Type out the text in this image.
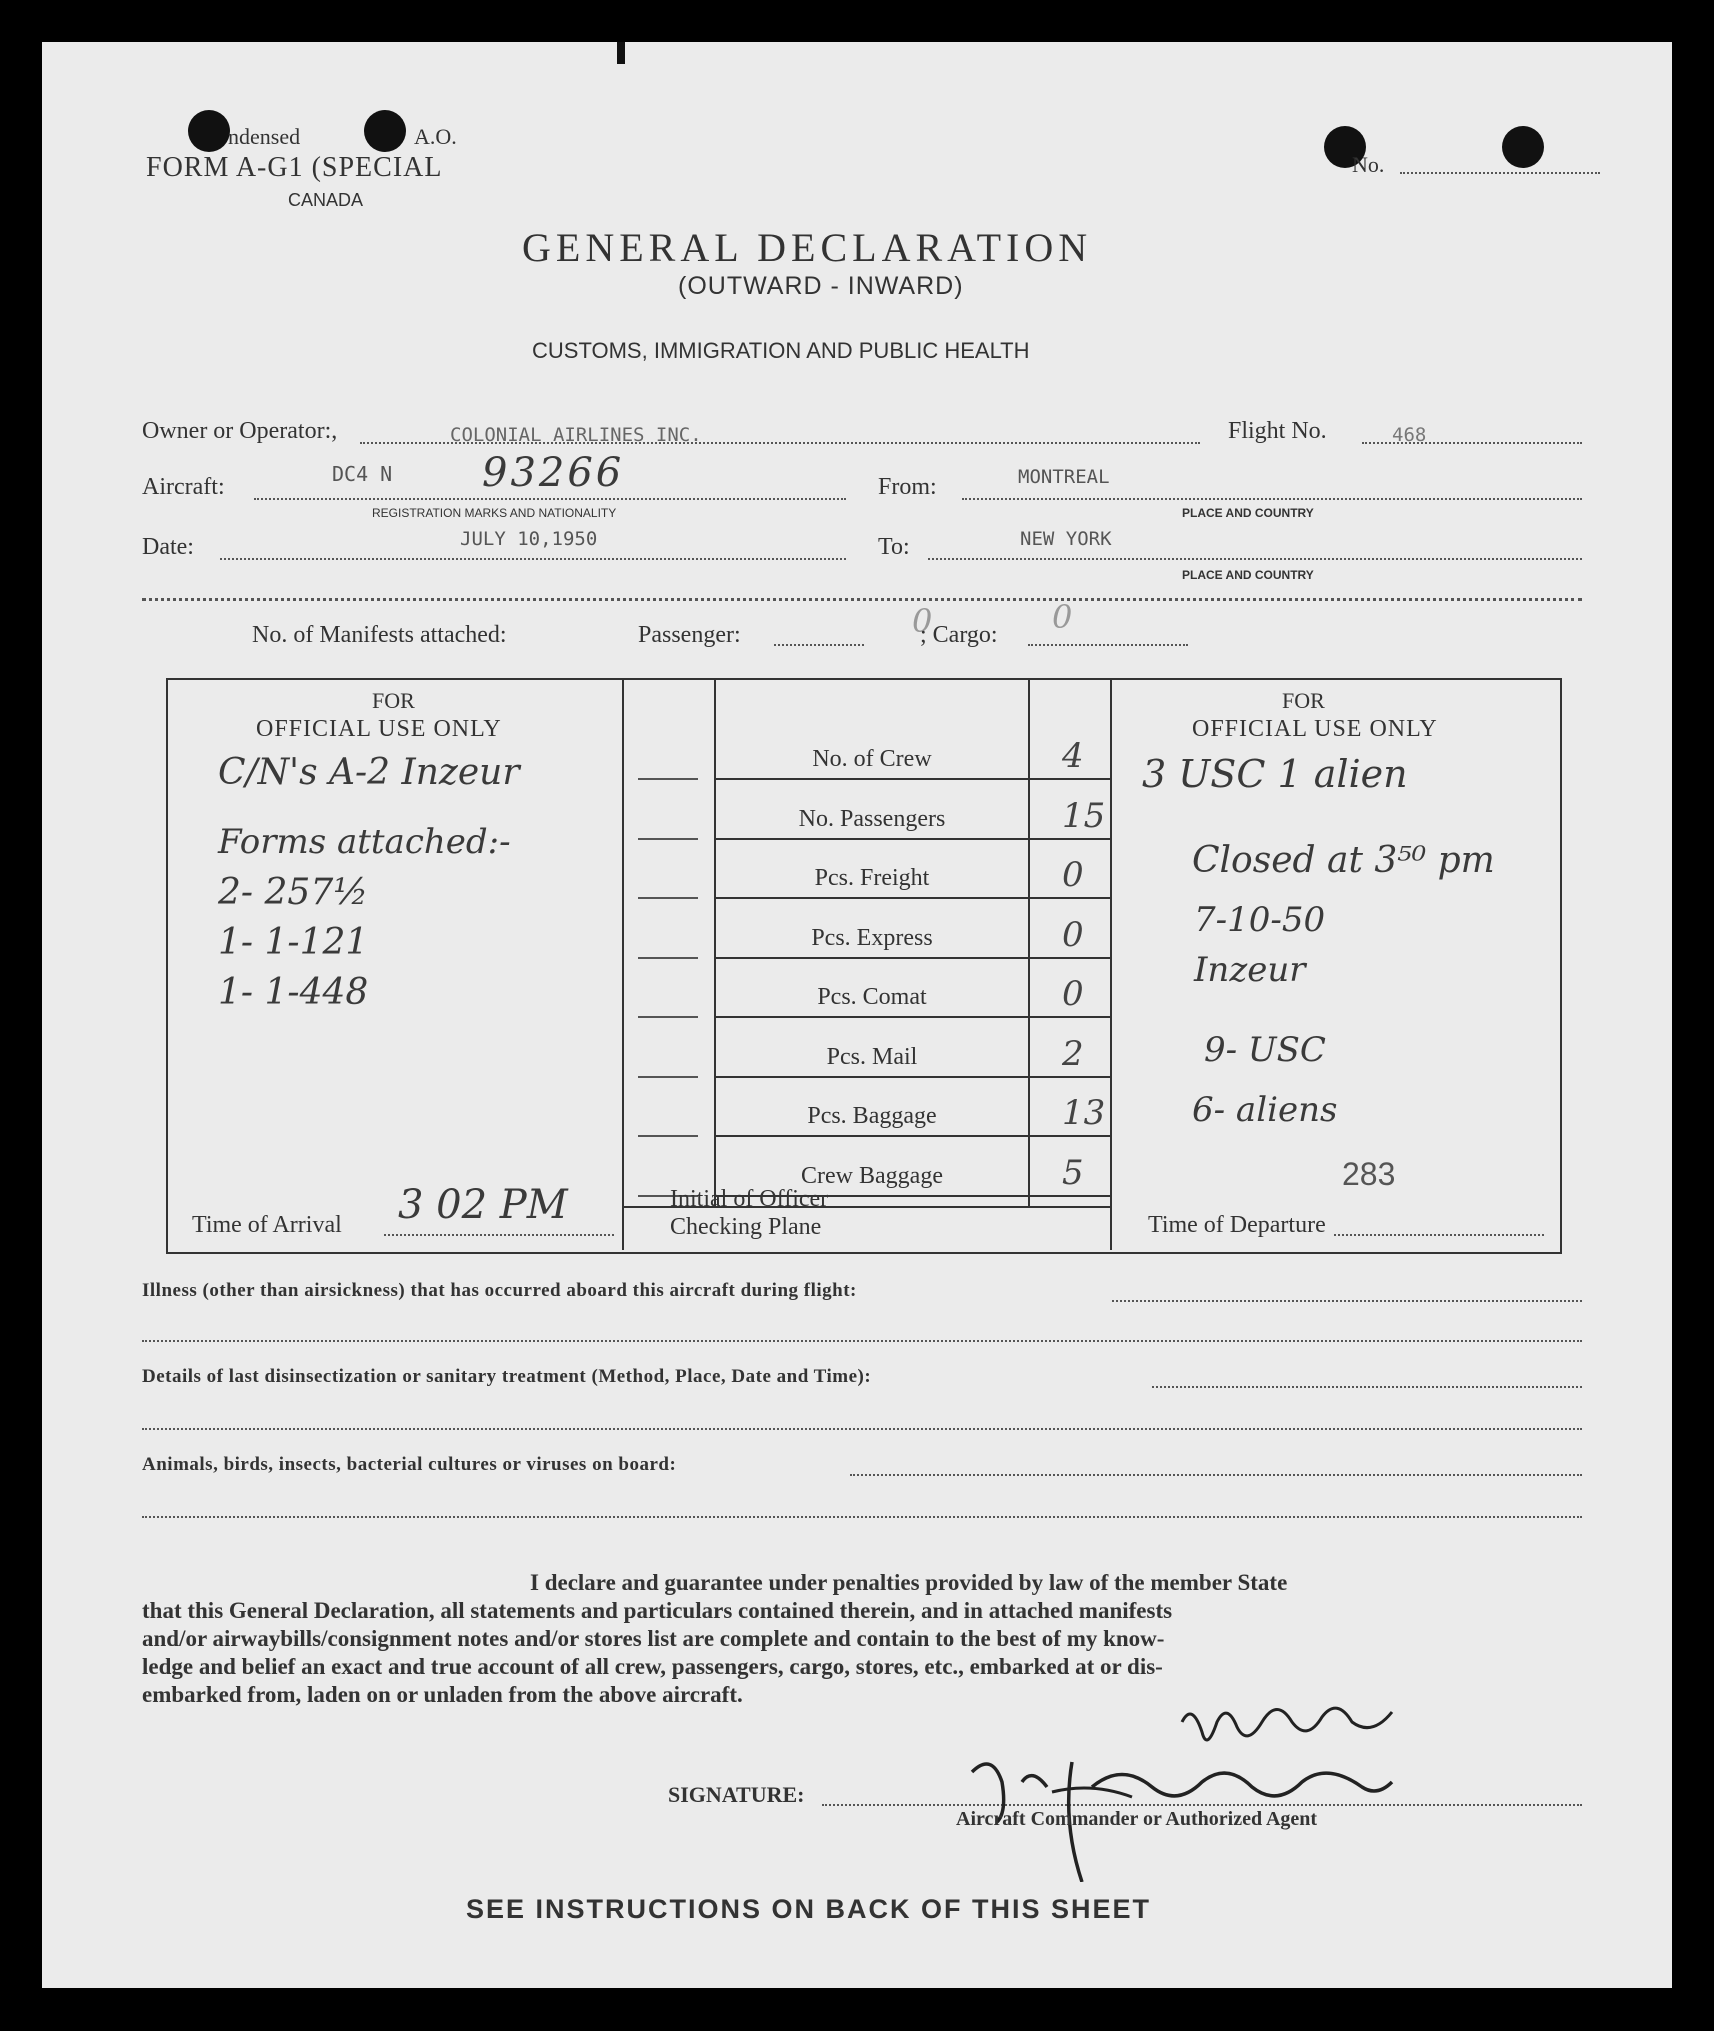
ndensed	A.O.
FORM A-G1 (SPECIAL
CANADA
No.
GENERAL DECLARATION
(OUTWARD - INWARD)
CUSTOMS, IMMIGRATION AND PUBLIC HEALTH
Owner or Operator:,	COLONIAL AIRLINES INC.	Flight No.	468
Aircraft:	DC4 N 93266
REGISTRATION MARKS AND NATIONALITY
From:	MONTREAL
PLACE AND COUNTRY
Date:	JULY 10,1950	To:	NEW YORK
PLACE AND COUNTRY
No. of Manifests attached:	Passenger:	0
; Cargo: 0
FOR
OFFICIAL USE ONLY
C/N's A-2 Inzeur
Forms attached:-
2- 257½
1- 1-121
1- 1-448
Time of Arrival 3 02 PM
No. of Crew	4
No. Passengers	15
Pcs. Freight	0
Pcs. Express	0
Pcs. Comat	0
Pcs. Mail	2
Pcs. Baggage	13
Crew Baggage	5
Initial of Officer
Checking Plane
FOR
OFFICIAL USE ONLY
3 USC 1 alien
Closed at 3⁵⁰ pm
7-10-50
Inzeur
9- USC
6- aliens
283
Time of Departure
Illness (other than airsickness) that has occurred aboard this aircraft during flight:
Details of last disinsectization or sanitary treatment (Method, Place, Date and Time):
Animals, birds, insects, bacterial cultures or viruses on board:
I declare and guarantee under penalties provided by law of the member State
that this General Declaration, all statements and particulars contained therein, and in attached manifests
and/or airwaybills/consignment notes and/or stores list are complete and contain to the best of my know-
ledge and belief an exact and true account of all crew, passengers, cargo, stores, etc., embarked at or dis-
embarked from, laden on or unladen from the above aircraft.
SIGNATURE:
Aircraft Commander or Authorized Agent
SEE INSTRUCTIONS ON BACK OF THIS SHEET
